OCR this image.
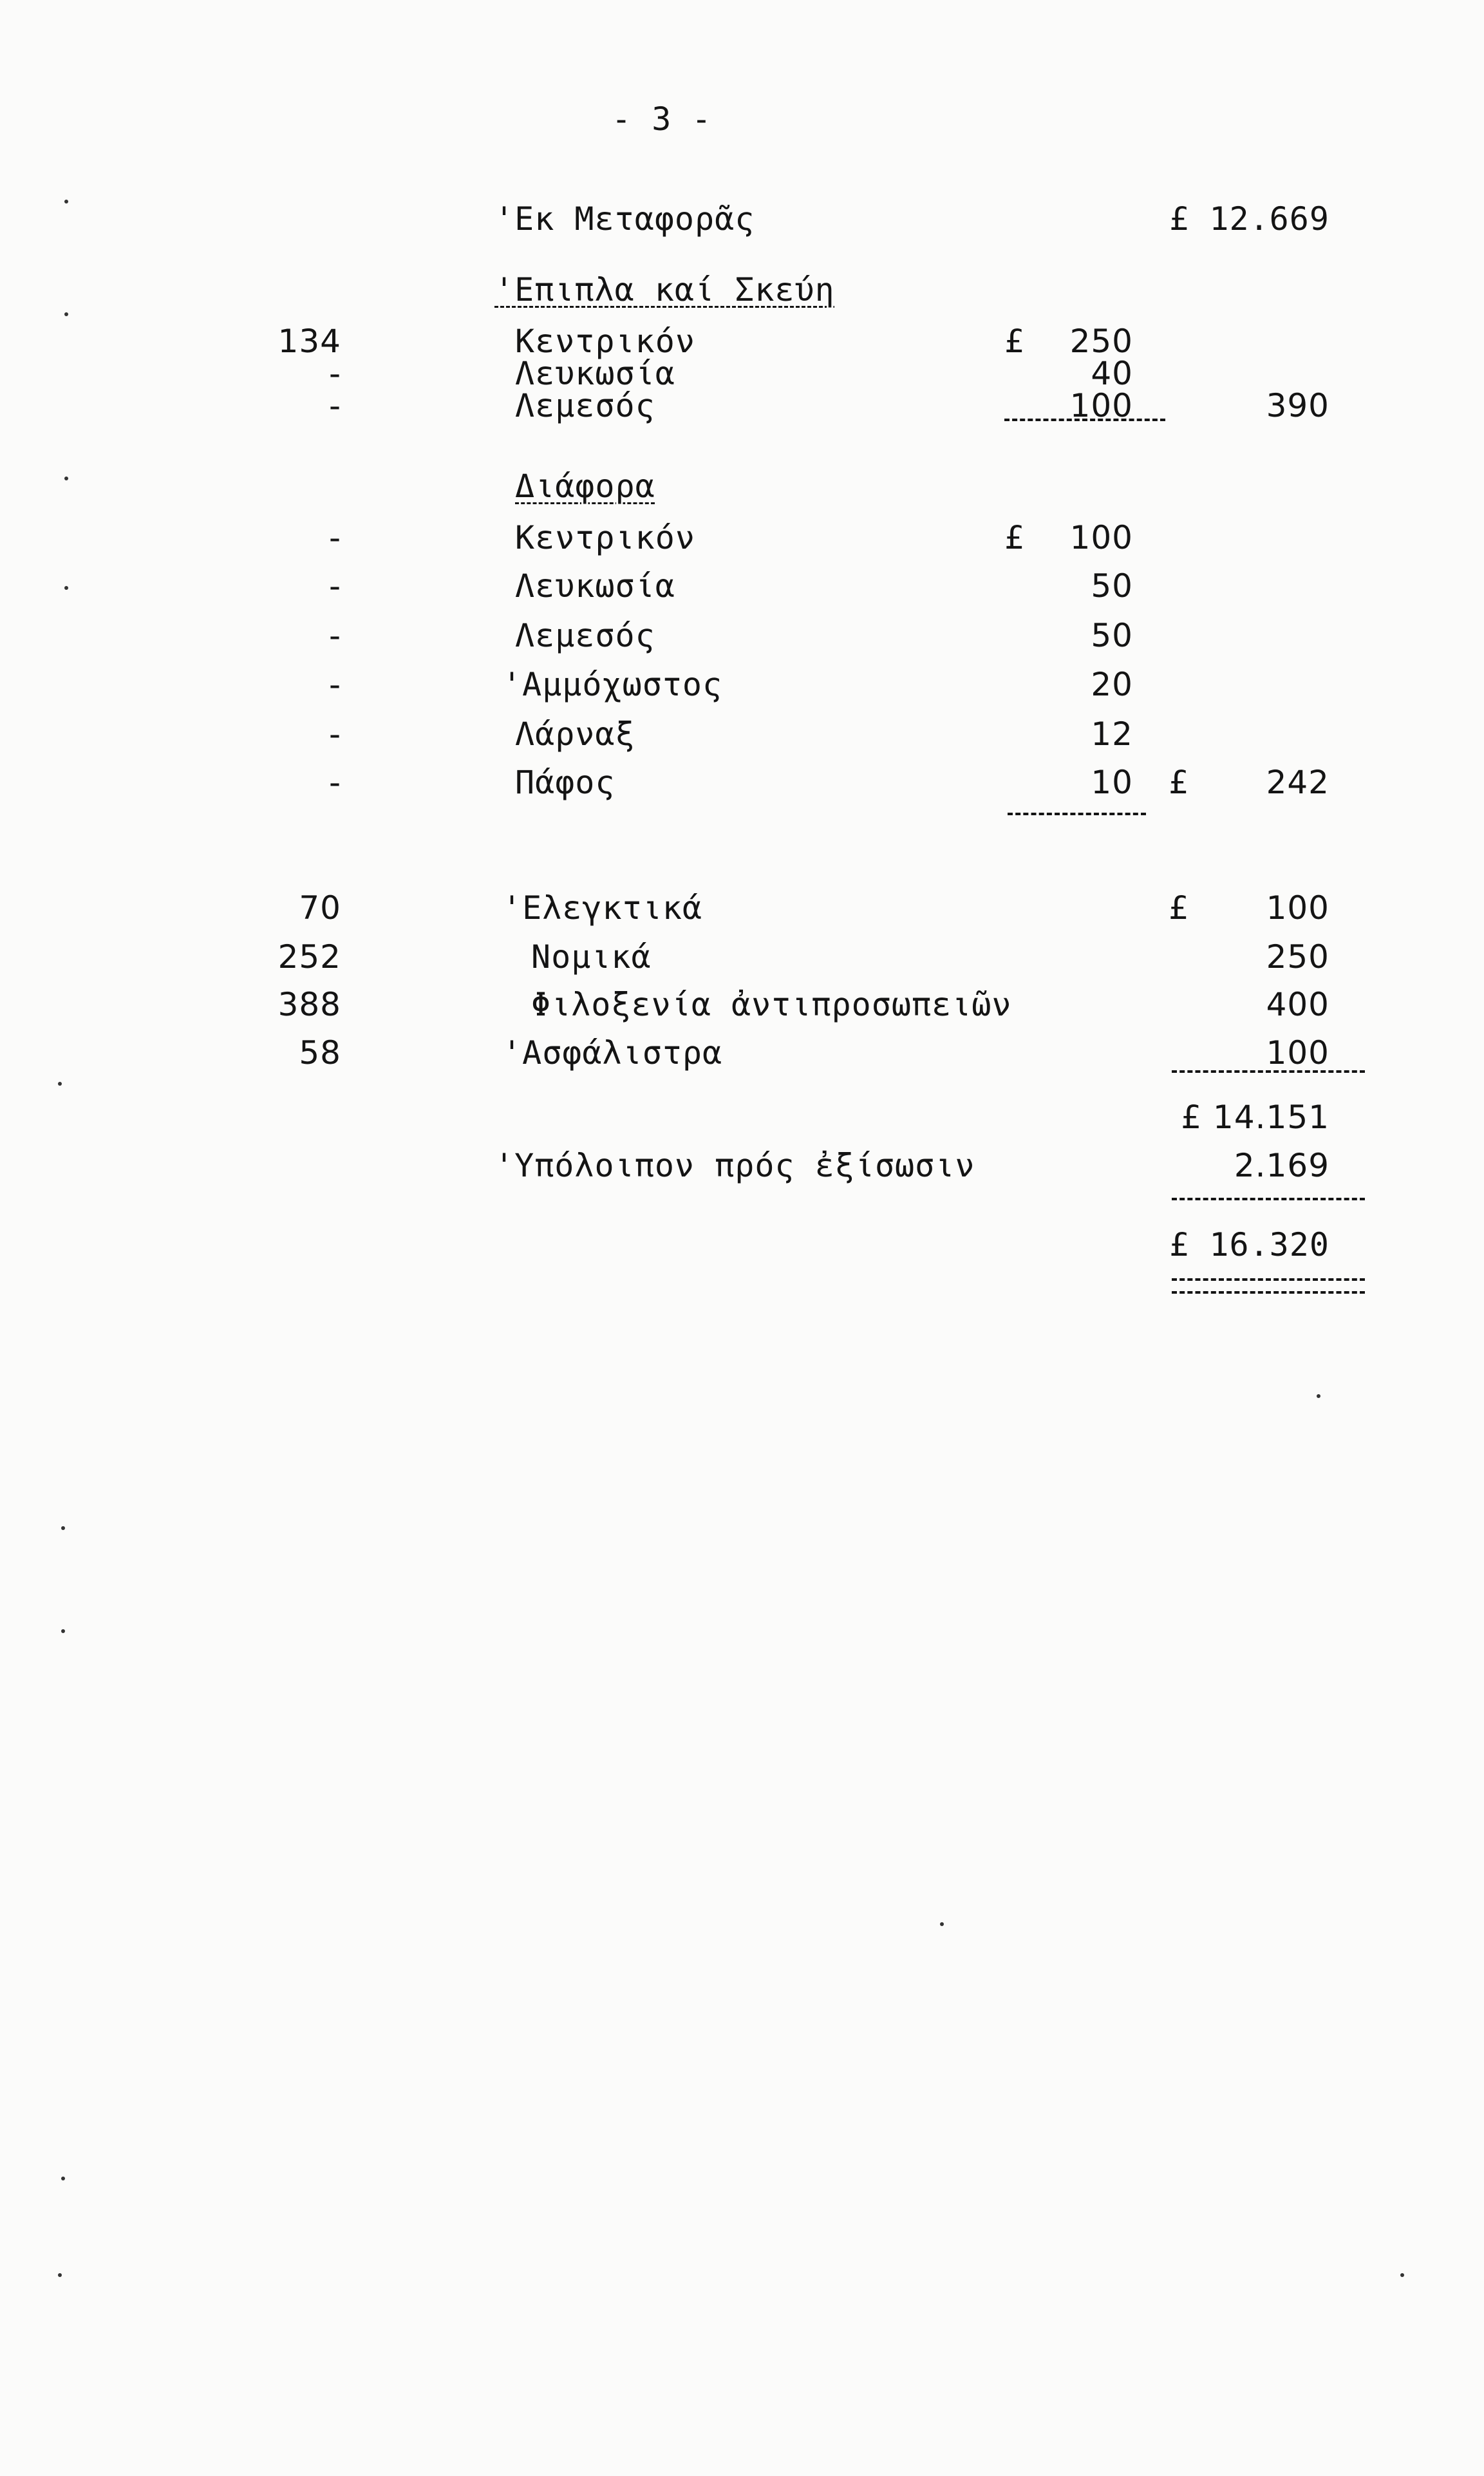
- 3 -
'Εκ Μεταφορᾶς	£ 12.669
'Επιπλα καί Σκεύη
134	Κεντρικόν	£	250
-	Λευκωσία	40
-	Λεμεσός	100	390
Διάφορα
-	Κεντρικόν	£	100
-	Λευκωσία	50
-	Λεμεσός	50
-	'Αμμόχωστος	20
-	Λάρναξ	12
-	Πάφος	10 £	242
70	'Ελεγκτικά	£	100
252	Νομικά	250
388	Φιλοξενία ἀντιπροσωπειῶν	400
58	'Ασφάλιστρα	100
£ 14.151
'Υπόλοιπον πρός ἐξίσωσιν	2.169
£ 16.320
